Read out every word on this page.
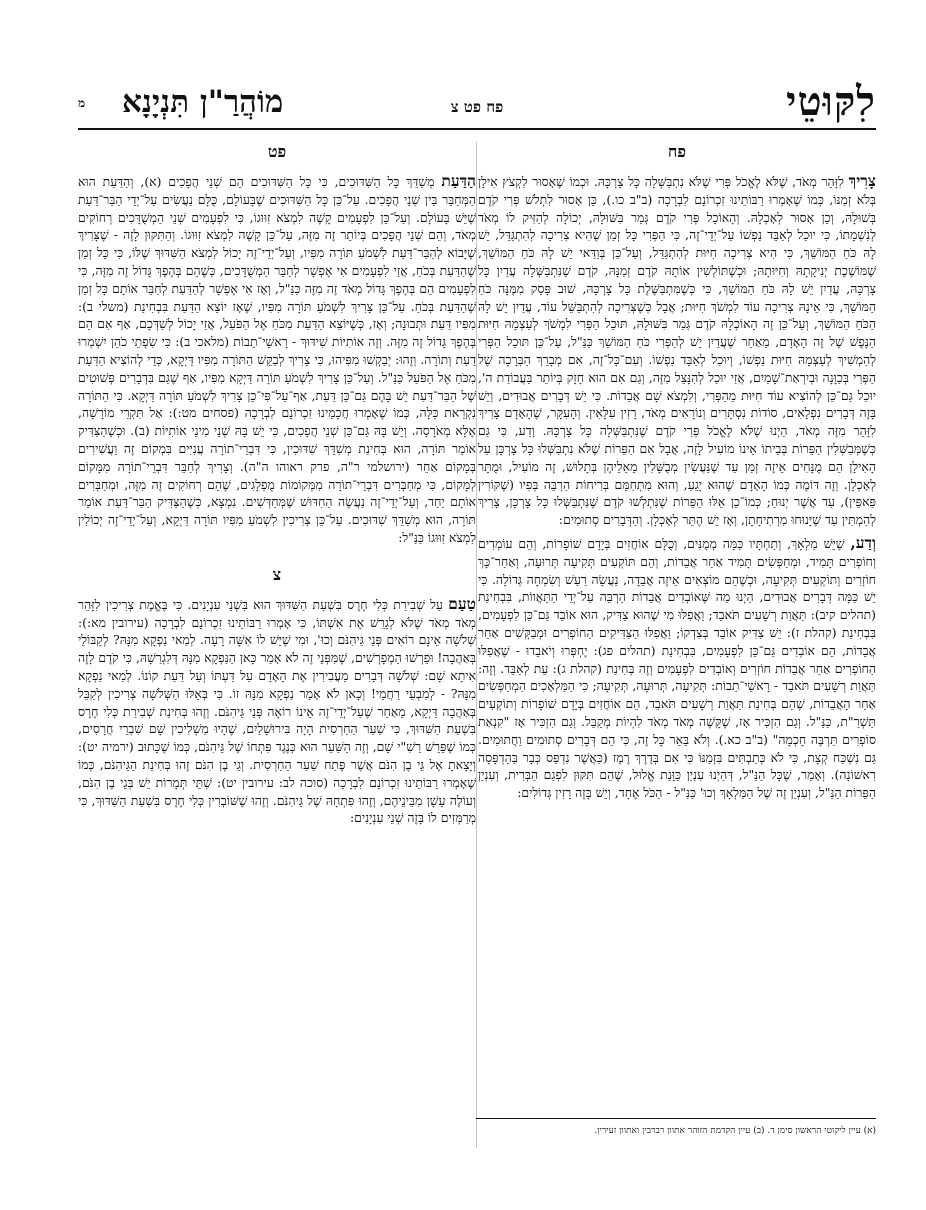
לִקּוּטֵי
פח פט צ
מוֹהֲרַ"ן תִּנְיָנָא
מ
פח

צָרִיךְ לִזָּהֵר מְאֹד, שֶׁלֹּא לֶאֱכֹל פְּרִי שֶׁלֹּא נִתְבַּשְּׁלָה כָּל צָרְכָּהּ. וּכְמוֹ שֶׁאָסוּר לִקְצֹץ אִילָן בְּלֹא זְמַנּוֹ, כְּמוֹ שֶׁאָמְרוּ רַבּוֹתֵינוּ זִכְרוֹנָם לִבְרָכָה (ב"ב כו.), כֵּן אָסוּר לִתְלֹשׁ פְּרִי קֹדֶם בְּשׁוּלָהּ, וְכֵן אָסוּר לְאָכְלָהּ. וְהָאוֹכֵל פְּרִי קֹדֶם גְּמַר בִּשּׁוּלָהּ, יְכוֹלָה לְהַזִּיק לוֹ מְאֹד לְנִשְׁמָתוֹ, כִּי יוּכַל לְאַבֵּד נַפְשׁוֹ עַל־יְדֵי־זֶה, כִּי הַפְּרִי כָּל זְמַן שֶׁהִיא צְרִיכָה לְהִתְגַּדֵּל, יֵשׁ לָהּ כֹּחַ הַמּוֹשֵׁךְ, כִּי הִיא צְרִיכָה חִיּוּת לְהִתְגַּדֵּל, וְעַל־כֵּן בְּוַדַּאי יֵשׁ לָהּ כֹּחַ הַמּוֹשֵׁךְ, שֶׁמּוֹשֶׁכֶת יְנִיקָתָהּ וְחִיּוּתָהּ; וּכְשֶׁתּוֹלְשִׁין אוֹתָהּ קֹדֶם זְמַנָּהּ, קֹדֶם שֶׁנִּתְבַּשְּׁלָה עֲדַיִן כָּל צָרְכָּהּ, עֲדַיִן יֵשׁ לָהּ כֹּחַ הַמּוֹשֵׁךְ, כִּי כְּשֶׁמִּתְבַּשֶּׁלֶת כָּל צָרְכָּהּ, שׁוּב פָּסַק מִמֶּנָּה כֹּחַ הַמּוֹשֵׁךְ, כִּי אֵינָהּ צְרִיכָה עוֹד לִמְשֹׁךְ חִיּוּת; אֲבָל כְּשֶׁצְּרִיכָה לְהִתְבַּשֵּׁל עוֹד, עֲדַיִן יֵשׁ לָהּ הַכֹּחַ הַמּוֹשֵׁךְ, וְעַל־כֵּן זֶה הָאוֹכְלָהּ קֹדֶם גְּמַר בִּשּׁוּלָהּ, תּוּכַל הַפְּרִי לִמְשֹׁךְ לְעַצְמָהּ חִיּוּת הַנֶּפֶשׁ שֶׁל זֶה הָאָדָם, מֵאַחַר שֶׁעֲדַיִן יֵשׁ לְהַפְּרִי כֹּחַ הַמּוֹשֵׁךְ כַּנַּ"ל, עַל־כֵּן תּוּכַל הַפְּרִי לְהַמְשִׁיךְ לְעַצְמָהּ חִיּוּת נַפְשׁוֹ, וְיוּכַל לְאַבֵּד נַפְשׁוֹ. וְעִם־כָּל־זֶה, אִם מְבָרֵךְ הַבְּרָכָה שֶׁל הַפְּרִי בְּכַוָּנָה וּבְיִרְאַת־שָׁמַיִם, אֲזַי יוּכַל לְהִנָּצֵל מִזֶּה, וְגַם אִם הוּא חָזָק בְּיוֹתֵר בַּעֲבוֹדַת ה', יוּכַל גַּם־כֵּן לְהוֹצִיא עוֹד חִיּוּת מֵהַפְּרִי, וְלִמְצֹא שָׁם אֲבֵדוֹת. כִּי יֵשׁ דְּבָרִים אֲבוּדִים, וְיֵשׁ בָּזֶה דְּבָרִים נִפְלָאִים, סוֹדוֹת נִסְתָּרִים וְנוֹרָאִים מְאֹד, רָזִין עִלָּאִין. וְהָעִקָּר, שֶׁהָאָדָם צָרִיךְ לִזָּהֵר מִזֶּה מְאֹד, הַיְנוּ שֶׁלֹּא לֶאֱכֹל פְּרִי קֹדֶם שֶׁנִּתְבַּשְּׁלָה כָּל צָרְכָּהּ. וְדַע, כִּי גַּם כְּשֶׁמְּבַשְּׁלִין הַפֵּרוֹת בְּבֵיתוֹ אֵינוֹ מוֹעִיל לָזֶה, אֲבָל אִם הַפֵּרוֹת שֶׁלֹּא נִתְבַּשְּׁלוּ כָּל צָרְכָּן עַל הָאִילָן הֵם מֻנָּחִים אֵיזֶה זְמַן עַד שֶׁנַּעֲשִׂין מְבֻשָּׁלִין מֵאֵלֵיהֶן בְּתָלוּשׁ, זֶה מוֹעִיל, וּמֻתָּר לְאָכְלָן. וְזֶה דּוֹמֶה כְּמוֹ הָאָדָם שֶׁהוּא יָגֵעַ, וְהוּא מִתְחַמֵּם בְּרִיחוֹת הַרְבֵּה בְּפִיו (שֶׁקּוֹרִין פַּאפֵּין), עַד אֲשֶׁר יְנוּחַ; כְּמוֹ־כֵן אֵלּוּ הַפֵּרוֹת שֶׁנִּתְלְשׁוּ קֹדֶם שֶׁנִּתְבַּשְּׁלוּ כָּל צָרְכָּן, צָרִיךְ לְהַמְתִּין עַד שֶׁיָּנוּחוּ מִרְתִיחָתָן, וְאָז יֵשׁ הֶתֵּר לְאָכְלָן. וְהַדְּבָרִים סְתוּמִים:

וְדַע, שֶׁיֵּשׁ מַלְאָךְ, וְתַחְתָּיו כַּמָּה מְמֻנִּים, וְכֻלָּם אוֹחֲזִים בְּיָדָם שׁוֹפָרוֹת, וְהֵם עוֹמְדִים וְחוֹפְרִים תָּמִיד, וּמְחַפְּשִׂים תָּמִיד אַחַר אֲבֵדוֹת, וְהֵם תּוֹקְעִים תְּקִיעָה תְּרוּעָה, וְאַחַר־כָּךְ חוֹזְרִים וְתוֹקְעִים תְּקִיעָה, וּכְשֶׁהֵם מוֹצְאִים אֵיזֶה אֲבֵדָה, נַעֲשָׂה רַעַשׁ וְשִׂמְחָה גְּדוֹלָה. כִּי יֵשׁ כַּמָּה דְּבָרִים אֲבוּדִים, הַיְנוּ מַה שֶּׁאוֹבְדִים אֲבֵדוֹת הַרְבֵּה עַל־יְדֵי הַתַּאֲווֹת, בִּבְחִינַת (תהלים קיב): תַּאֲוַת רְשָׁעִים תֹּאבֵד; וַאֲפִלּוּ מִי שֶׁהוּא צַדִּיק, הוּא אוֹבֵד גַּם־כֵּן לִפְעָמִים, בִּבְחִינַת (קהלת ז): יֵשׁ צַדִּיק אוֹבֵד בְּצִדְקוֹ; וַאֲפִלּוּ הַצַּדִּיקִים הַחוֹפְרִים וּמְבַקְּשִׁים אַחַר אֲבֵדוֹת, הֵם אוֹבְדִים גַּם־כֵּן לִפְעָמִים, בִּבְחִינַת (תהלים פג): יֶחְפְּרוּ וְיֹאבֵדוּ - שֶׁאֲפִלּוּ הַחוֹפְרִים אַחַר אֲבֵדוֹת חוֹזְרִים וְאוֹבְדִים לִפְעָמִים וְזֶה בְּחִינַת (קהלת ג): עֵת לְאַבֵּד. וְזֶה: תַּאֲוַת רְשָׁעִים תֹּאבֵד - רָאשֵׁי־תֵבוֹת: תְּקִיעָה, תְּרוּעָה, תְּקִיעָה; כִּי הַמַּלְאָכִים הַמְחַפְּשִׂים אַחַר הָאֲבֵדוֹת, שֶׁהֵם בְּחִינַת תַּאֲוַת רְשָׁעִים תֹּאבֵד, הֵם אוֹחֲזִים בְּיָדָם שׁוֹפָרוֹת וְתוֹקְעִים תַּשְׁרַ"ת, כַּנַּ"ל. וְגַם הִזְכִּיר אָז, שֶׁקָּשֶׁה מְאֹד מְאֹד לִהְיוֹת מְקַבֵּל. וְגַם הִזְכִּיר אָז "קִנְאַת סוֹפְרִים תַּרְבֶּה חָכְמָה" (ב"ב כא.). וְלֹא בֵּאֵר כָּל זֶה, כִּי הֵם דְּבָרִים סְתוּמִים וַחֲתוּמִים. גַּם נִשְׁכַּח קְצָת, כִּי לֹא כְּתַבְתִּים בִּזְמַנּוֹ כִּי אִם בְּדֶרֶךְ רֶמֶז (כַּאֲשֶׁר נִדְפַּס כְּבָר בַּהַדְפָּסָה רִאשׁוֹנָה). וְאָמַר, שֶׁכָּל הַנַּ"ל, דְּהַיְנוּ עִנְיַן כַּוָּנַת אֱלוּל, שֶׁהֵם תִּקּוּן לִפְגַם הַבְּרִית, וְעִנְיַן הַפֵּרוֹת הַנַּ"ל, וְעִנְיַן זֶה שֶׁל הַמַּלְאָךְ וְכוּ' כַּנַּ"ל - הַכֹּל אֶחָד, וְיֵשׁ בָּזֶה רָזִין גְּדוֹלִים:

פט

הַדַּעַת מְשַׁדֵּךְ כָּל הַשִּׁדּוּכִים, כִּי כָּל הַשִּׁדּוּכִים הֵם שְׁנֵי הֲפָכִים (א), וְהַדַּעַת הוּא הַמְּחַבֵּר בֵּין שְׁנֵי הֲפָכִים. עַל־כֵּן כָּל הַשִּׁדּוּכִים שֶׁבָּעוֹלָם, כֻּלָּם נַעֲשִׂים עַל־יְדֵי הַבַּר־דַּעַת שֶׁיֵּשׁ בָּעוֹלָם. וְעַל־כֵּן לִפְעָמִים קָשֶׁה לִמְצֹא זִוּוּגוֹ, כִּי לִפְעָמִים שְׁנֵי הַמְשֻׁדָּכִים רְחוֹקִים מְאֹד, וְהֵם שְׁנֵי הֲפָכִים בְּיוֹתֵר זֶה מִזֶּה, עַל־כֵּן קָשֶׁה לִמְצֹא זִוּוּגוֹ. וְהַתִּקּוּן לָזֶה - שֶׁצָּרִיךְ שֶׁיָּבוֹא לְהַבַּר־דַּעַת לִשְׁמֹעַ תּוֹרָה מִפִּיו, וְעַל־יְדֵי־זֶה יָכוֹל לִמְצֹא הַשִּׁדּוּךְ שֶׁלּוֹ, כִּי כָּל זְמַן שֶׁהַדַּעַת בְּכֹחַ, אֲזַי לִפְעָמִים אִי אֶפְשָׁר לְחַבֵּר הַמְשֻׁדָּכִים, כְּשֶׁהֵם בְּהֶפֶךְ גָּדוֹל זֶה מִזֶּה, כִּי לִפְעָמִים הֵם בְּהֶפֶךְ גָּדוֹל מְאֹד זֶה מִזֶּה כַּנַּ"ל, וְאָז אִי אֶפְשָׁר לְהַדַּעַת לְחַבֵּר אוֹתָם כָּל זְמַן שֶׁהַדַּעַת בְּכֹחַ. עַל־כֵּן צָרִיךְ לִשְׁמֹעַ תּוֹרָה מִפִּיו, שֶׁאָז יוֹצֵא הַדַּעַת בִּבְחִינַת (משלי ב): מִפִּיו דַּעַת וּתְבוּנָה; וְאָז, כְּשֶׁיּוֹצֵא הַדַּעַת מִכֹּחַ אֶל הַפֹּעַל, אֲזַי יָכוֹל לְשַׁדְּכָם, אַף אִם הֵם בְּהֶפֶךְ גָּדוֹל זֶה מִזֶּה. וְזֶה אוֹתִיּוֹת שִׁידּוּךְ - רָאשֵׁי־תֵבוֹת (מלאכי ב): כִּי שִׂפְתֵי כֹהֵן יִשְׁמְרוּ דַעַת וְתוֹרָה. וְזֶהוּ: יְבַקְשׁוּ מִפִּיהוּ, כִּי צָרִיךְ לְבַקֵּשׁ הַתּוֹרָה מִפִּיו דַּיְקָא, כְּדֵי לְהוֹצִיא הַדַּעַת מִכֹּחַ אֶל הַפֹּעַל כַּנַּ"ל. וְעַל־כֵּן צָרִיךְ לִשְׁמֹעַ תּוֹרָה דַּיְקָא מִפִּיו, אַף שֶׁגַּם בִּדְבָרִים פְּשׁוּטִים שֶׁל הַבַּר־דַּעַת יֵשׁ בָּהֶם גַּם־כֵּן דַּעַת, אַף־עַל־פִּי־כֵן צָרִיךְ לִשְׁמֹעַ תּוֹרָה דַּיְקָא. כִּי הַתּוֹרָה נִקְרֵאת כַּלָּה, כְּמוֹ שֶׁאָמְרוּ חֲכָמֵינוּ זִכְרוֹנָם לִבְרָכָה (פסחים מט:): אַל תִּקְרֵי מוֹרָשָׁה, אֶלָּא מְאֹרָסָה. וְיֵשׁ בָּהּ גַּם־כֵּן שְׁנֵי הֲפָכִים, כִּי יֵשׁ בָּהּ שְׁנֵי מִינֵי אוֹתִיּוֹת (ב). וּכְשֶׁהַצַּדִּיק אוֹמֵר תּוֹרָה, הוּא בְּחִינַת מְשַׁדֵּךְ שִׁדּוּכִין, כִּי דִּבְרֵי־תוֹרָה עֲנִיִּים בִּמְקוֹם זֶה וַעֲשִׁירִים בְּמָקוֹם אַחֵר (ירושלמי ר"ה, פרק ראוהו ה"ה). וְצָרִיךְ לְחַבֵּר דִּבְרֵי־תוֹרָה מִמָּקוֹם לְמָקוֹם, כִּי מְחַבְּרִים דִּבְרֵי־תוֹרָה מִמְּקוֹמוֹת מֻפְלָגִים, שֶׁהֵם רְחוֹקִים זֶה מִזֶּה, וּמְחַבְּרִים אוֹתָם יַחַד, וְעַל־יְדֵי־זֶה נַעֲשֶׂה הַחִדּוּשׁ שֶׁמְּחַדְּשִׁים. נִמְצָא, כְּשֶׁהַצַּדִּיק הַבַּר־דַּעַת אוֹמֵר תּוֹרָה, הוּא מְשַׁדֵּךְ שִׁדּוּכִים. עַל־כֵּן צְרִיכִין לִשְׁמֹעַ מִפִּיו תּוֹרָה דַּיְקָא, וְעַל־יְדֵי־זֶה יְכוֹלִין לִמְצֹא זִוּוּגוֹ כַּנַּ"ל:

צ

טַעַם עַל שְׁבִירַת כְּלִי חֶרֶס בִּשְׁעַת הַשִּׁדּוּךְ הוּא בִּשְׁנֵי עִנְיָנִים. כִּי בֶּאֱמֶת צְרִיכִין לִזָּהֵר מְאֹד מְאֹד שֶׁלֹּא לְגָרֵשׁ אֶת אִשְׁתּוֹ, כִּי אָמְרוּ רַבּוֹתֵינוּ זִכְרוֹנָם לִבְרָכָה (עירובין מא:): שְׁלֹשָׁה אֵינָם רוֹאִים פְּנֵי גֵּיהִנֹּם וְכוּ', וּמִי שֶׁיֵּשׁ לוֹ אִשָּׁה רָעָה. לְמַאי נַפְקָא מִנָּהּ? לְקַבּוֹלֵי בְּאַהֲבָה! וּפֵרְשׁוּ הַמְפָרְשִׁים, שֶׁמִּפְּנֵי זֶה לֹא אָמַר כָּאן הַנַּפְקָא מִנָּהּ דְּלִגְרַשָׁהּ, כִּי קֹדֶם לָזֶה אִיתָא שָׁם: שְׁלֹשָׁה דְּבָרִים מַעֲבִירִין אֶת הָאָדָם עַל דַּעְתּוֹ וְעַל דַּעַת קוֹנוֹ. לְמַאי נַפְקָא מִנָּהּ? - לְמִבְעֵי רַחֲמֵי! וְכָאן לֹא אָמַר נַפְקָא מִנָּהּ זוֹ. כִּי בְּאֵלּוּ הַשְּׁלֹשָׁה צְרִיכִין לְקַבֵּל בְּאַהֲבָה דַּיְקָא, מֵאַחַר שֶׁעַל־יְדֵי־זֶה אֵינוֹ רוֹאֶה פְּנֵי גֵּיהִנֹּם. וְזֶהוּ בְּחִינַת שְׁבִירַת כְּלִי חֶרֶס בִּשְׁעַת הַשִּׁדּוּךְ, כִּי שַׁעַר הַחַרְסִית הָיָה בִּירוּשָׁלַיִם, שֶׁהָיוּ מַשְׁלִיכִין שָׁם שִׁבְרֵי חֲרָסִים, כְּמוֹ שֶׁפֵּרֵשׁ רַשִׁ"י שָׁם, וְזֶה הַשַּׁעַר הוּא כְּנֶגֶד פִּתְחוֹ שֶׁל גֵּיהִנֹּם, כְּמוֹ שֶׁכָּתוּב (ירמיה יט): וְיָצָאתָ אֶל גֵּי בֶן הִנֹּם אֲשֶׁר פֶּתַח שַׁעַר הַחַרְסִית. וְגֵי בֶן הִנֹּם זֶהוּ בְּחִינַת הַגֵּיהִנֹּם, כְּמוֹ שֶׁאָמְרוּ רַבּוֹתֵינוּ זִכְרוֹנָם לִבְרָכָה (סוכה לב: עירובין יט): שְׁתֵּי תְּמָרוֹת יֵשׁ בְּגֵי בֶן הִנֹּם, וְעוֹלֶה עָשָׁן מִבֵּינֵיהֶם, וְזֶהוּ פִּתְחָהּ שֶׁל גֵּיהִנֹּם. וְזֶהוּ שֶׁשּׁוֹבְרִין כְּלִי חֶרֶס בִּשְׁעַת הַשִּׁדּוּךְ, כִּי מְרַמְּזִים לוֹ בָּזֶה שְׁנֵי עִנְיָנִים:

(א) עיין ליקוטי הראשון סימן ד. (ב) עיין הקדמת הזוהר אתוון רברבין ואתוון זעירין.
